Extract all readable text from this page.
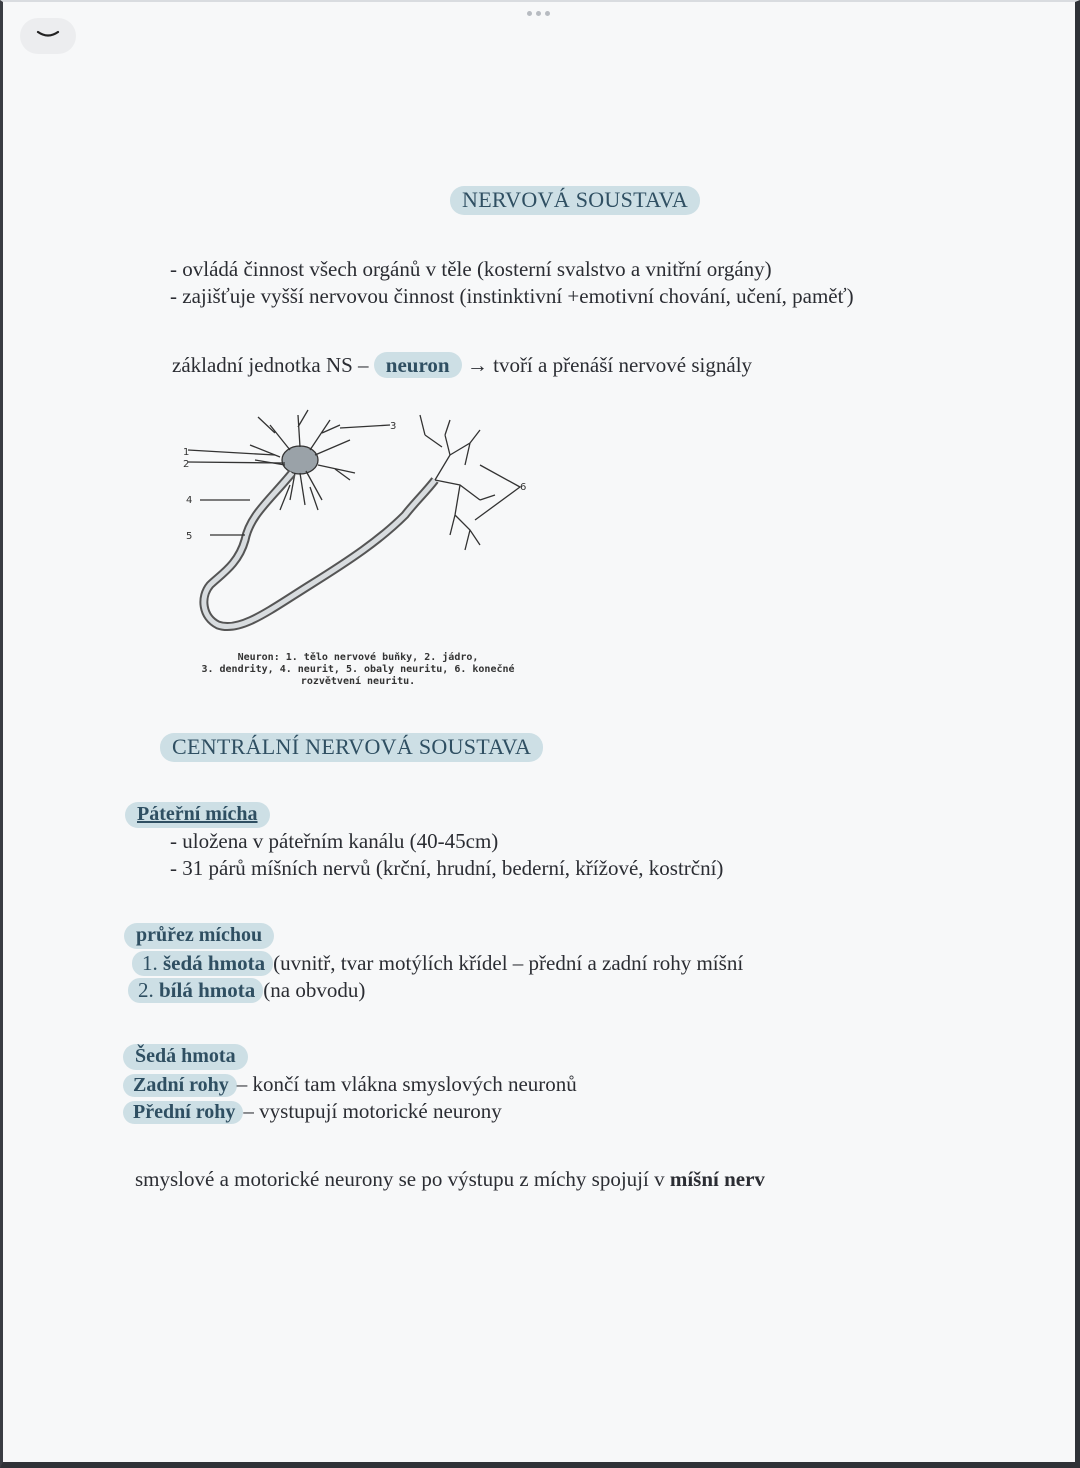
NERVOVÁ SOUSTAVA
- ovládá činnost všech orgánů v těle (kosterní svalstvo a vnitřní orgány)
- zajišťuje vyšší nervovou činnost (instinktivní +emotivní chování, učení, paměť)
základní jednotka NS – neuron → tvoří a přenáší nervové signály
1
2
3
4
5
6
Neuron: 1. tělo nervové buňky, 2. jádro,
3. dendrity, 4. neurit, 5. obaly neuritu, 6. konečné
rozvětvení neuritu.
CENTRÁLNÍ NERVOVÁ SOUSTAVA
Páteřní mícha
- uložena v páteřním kanálu (40-45cm)
- 31 párů míšních nervů (krční, hrudní, bederní, křížové, kostrční)
průřez míchou
1. šedá hmota (uvnitř, tvar motýlích křídel – přední a zadní rohy míšní
2. bílá hmota (na obvodu)
Šedá hmota
Zadní rohy – končí tam vlákna smyslových neuronů
Přední rohy – vystupují motorické neurony
smyslové a motorické neurony se po výstupu z míchy spojují v míšní nerv
